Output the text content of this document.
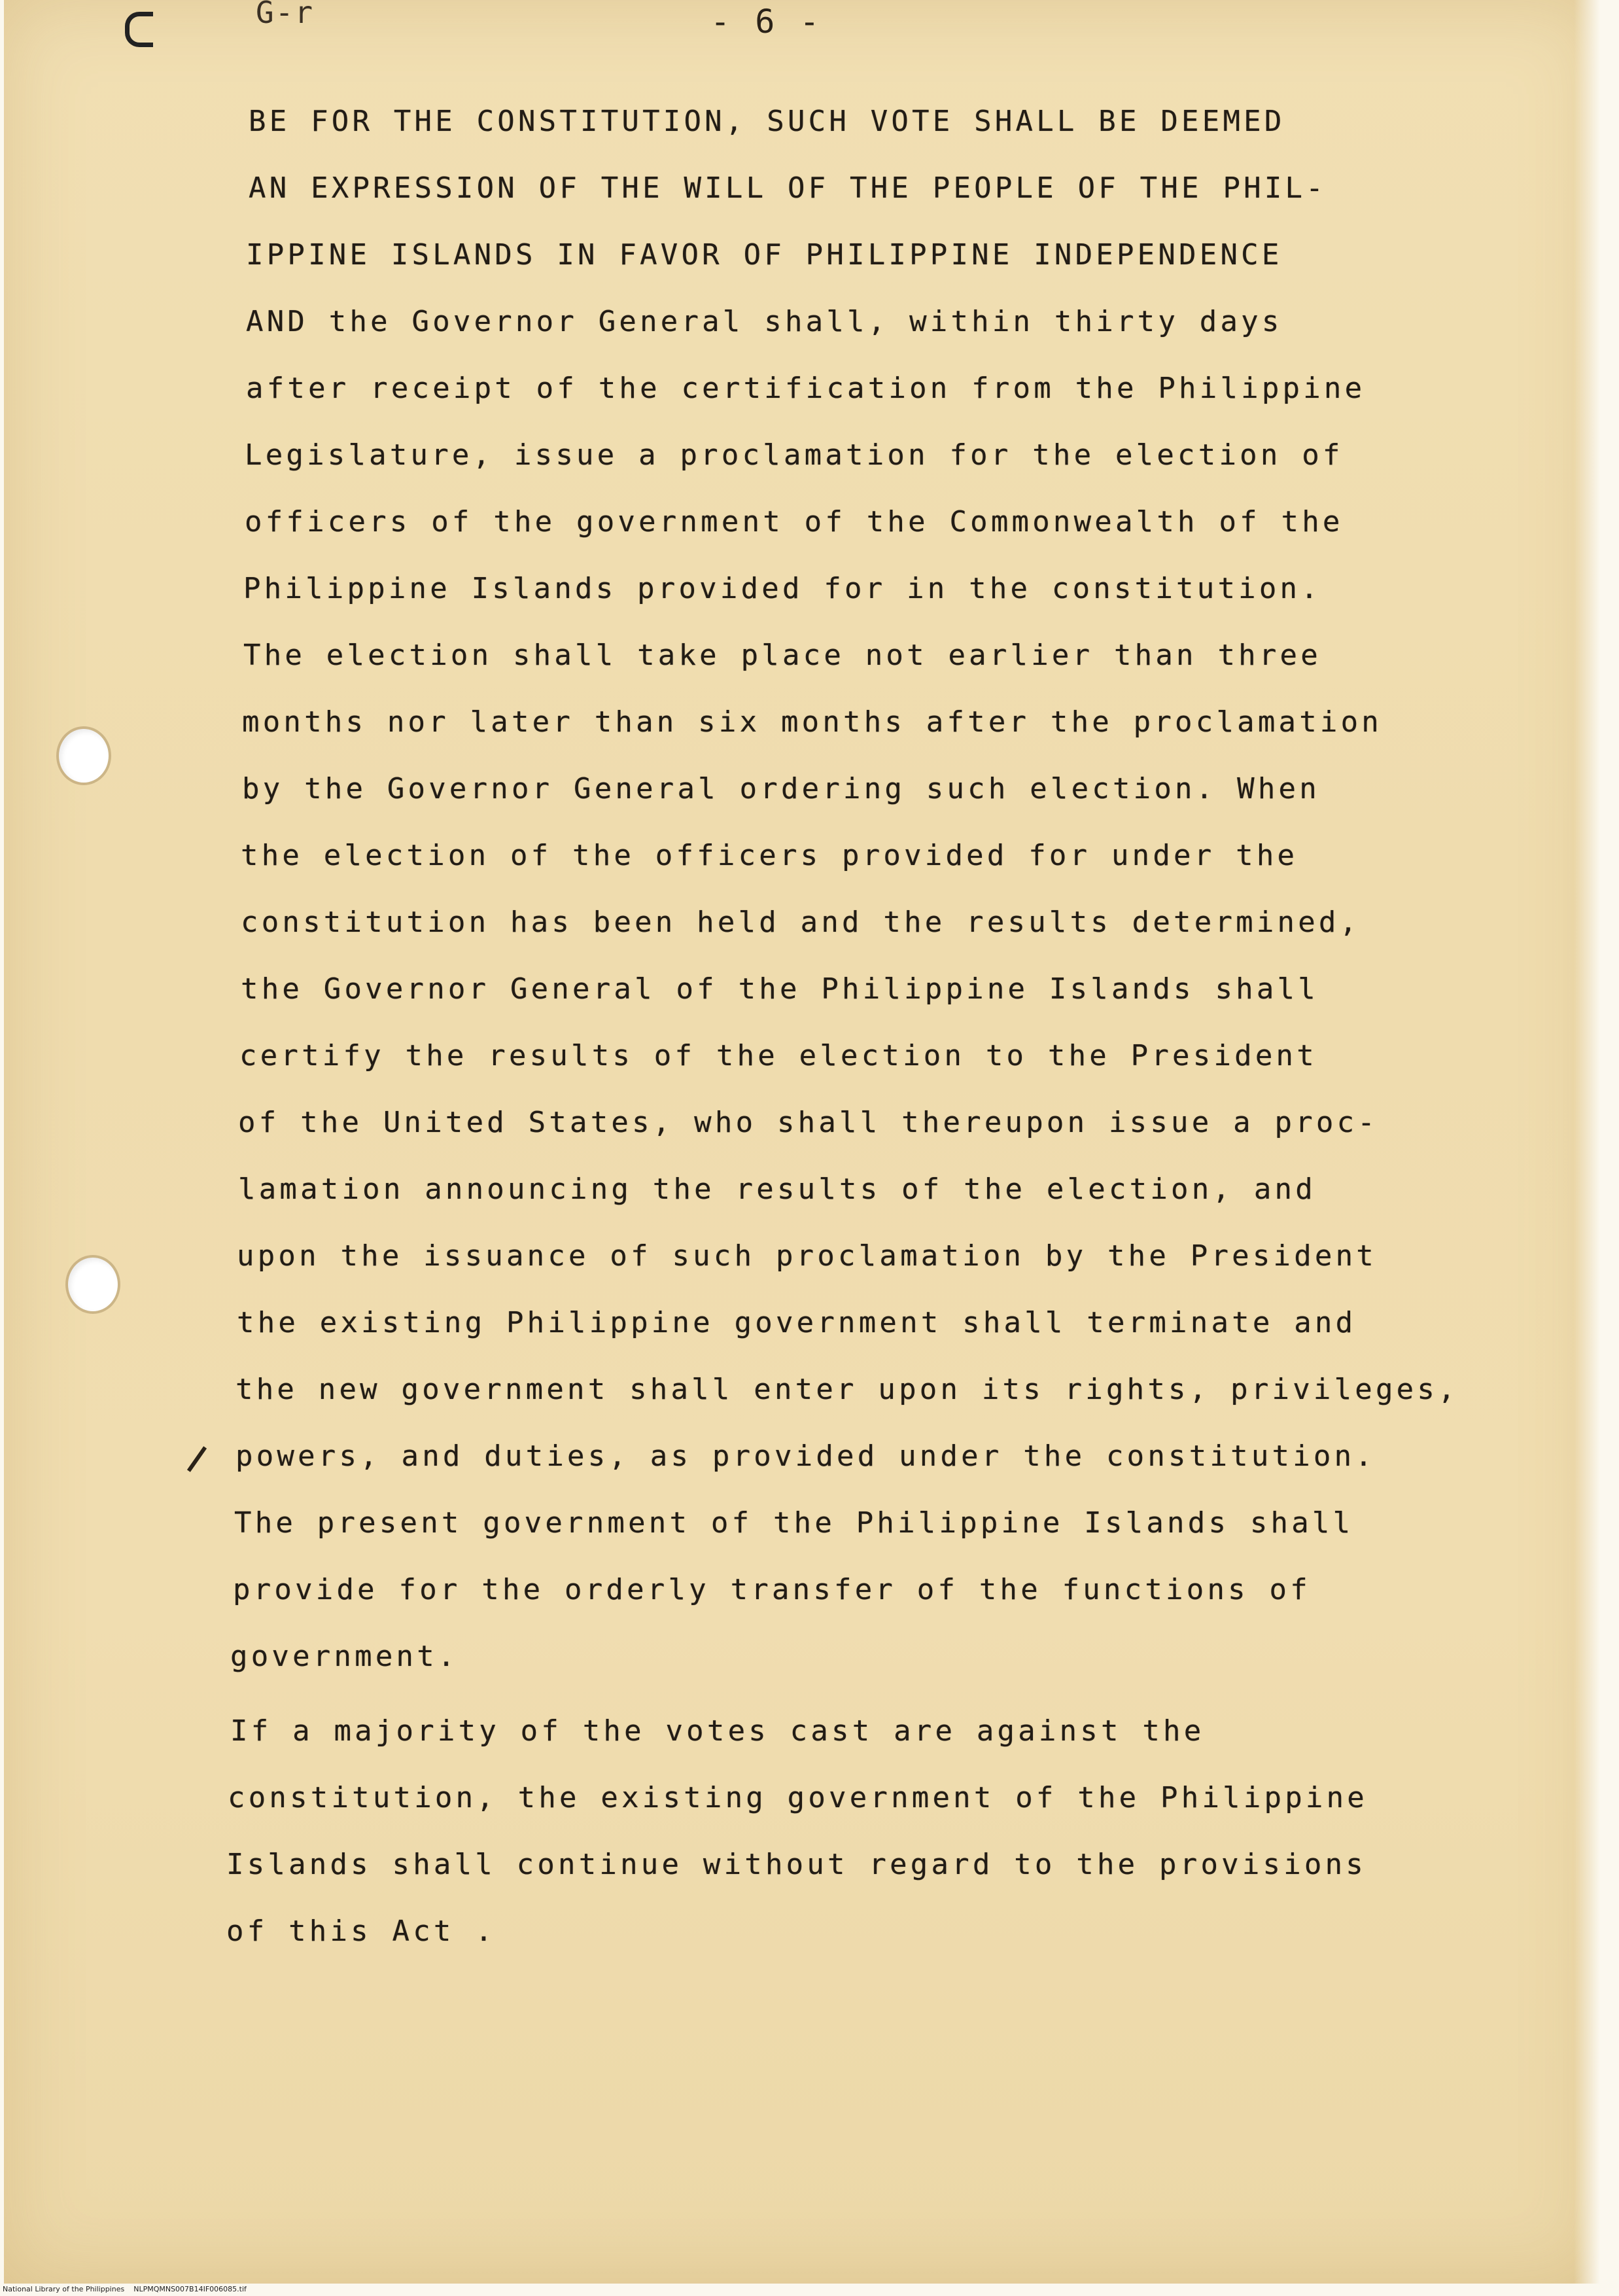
G-r	- 6 -

BE FOR THE CONSTITUTION, SUCH VOTE SHALL BE DEEMED

AN EXPRESSION OF THE WILL OF THE PEOPLE OF THE PHIL-

IPPINE ISLANDS IN FAVOR OF PHILIPPINE INDEPENDENCE

AND the Governor General shall, within thirty days

after receipt of the certification from the Philippine

Legislature, issue a proclamation for the election of

officers of the government of the Commonwealth of the

Philippine Islands provided for in the constitution.

The election shall take place not earlier than three

months nor later than six months after the proclamation

by the Governor General ordering such election. When

the election of the officers provided for under the

constitution has been held and the results determined,

the Governor General of the Philippine Islands shall

certify the results of the election to the President

of the United States, who shall thereupon issue a proc-

lamation announcing the results of the election, and

upon the issuance of such proclamation by the President

the existing Philippine government shall terminate and

the new government shall enter upon its rights, privileges,

powers, and duties, as provided under the constitution.

The present government of the Philippine Islands shall

provide for the orderly transfer of the functions of

government.

If a majority of the votes cast are against the

constitution, the existing government of the Philippine

Islands shall continue without regard to the provisions

of this Act .

National Library of the Philippines NLPMQMNS007B14IF006085.tif
